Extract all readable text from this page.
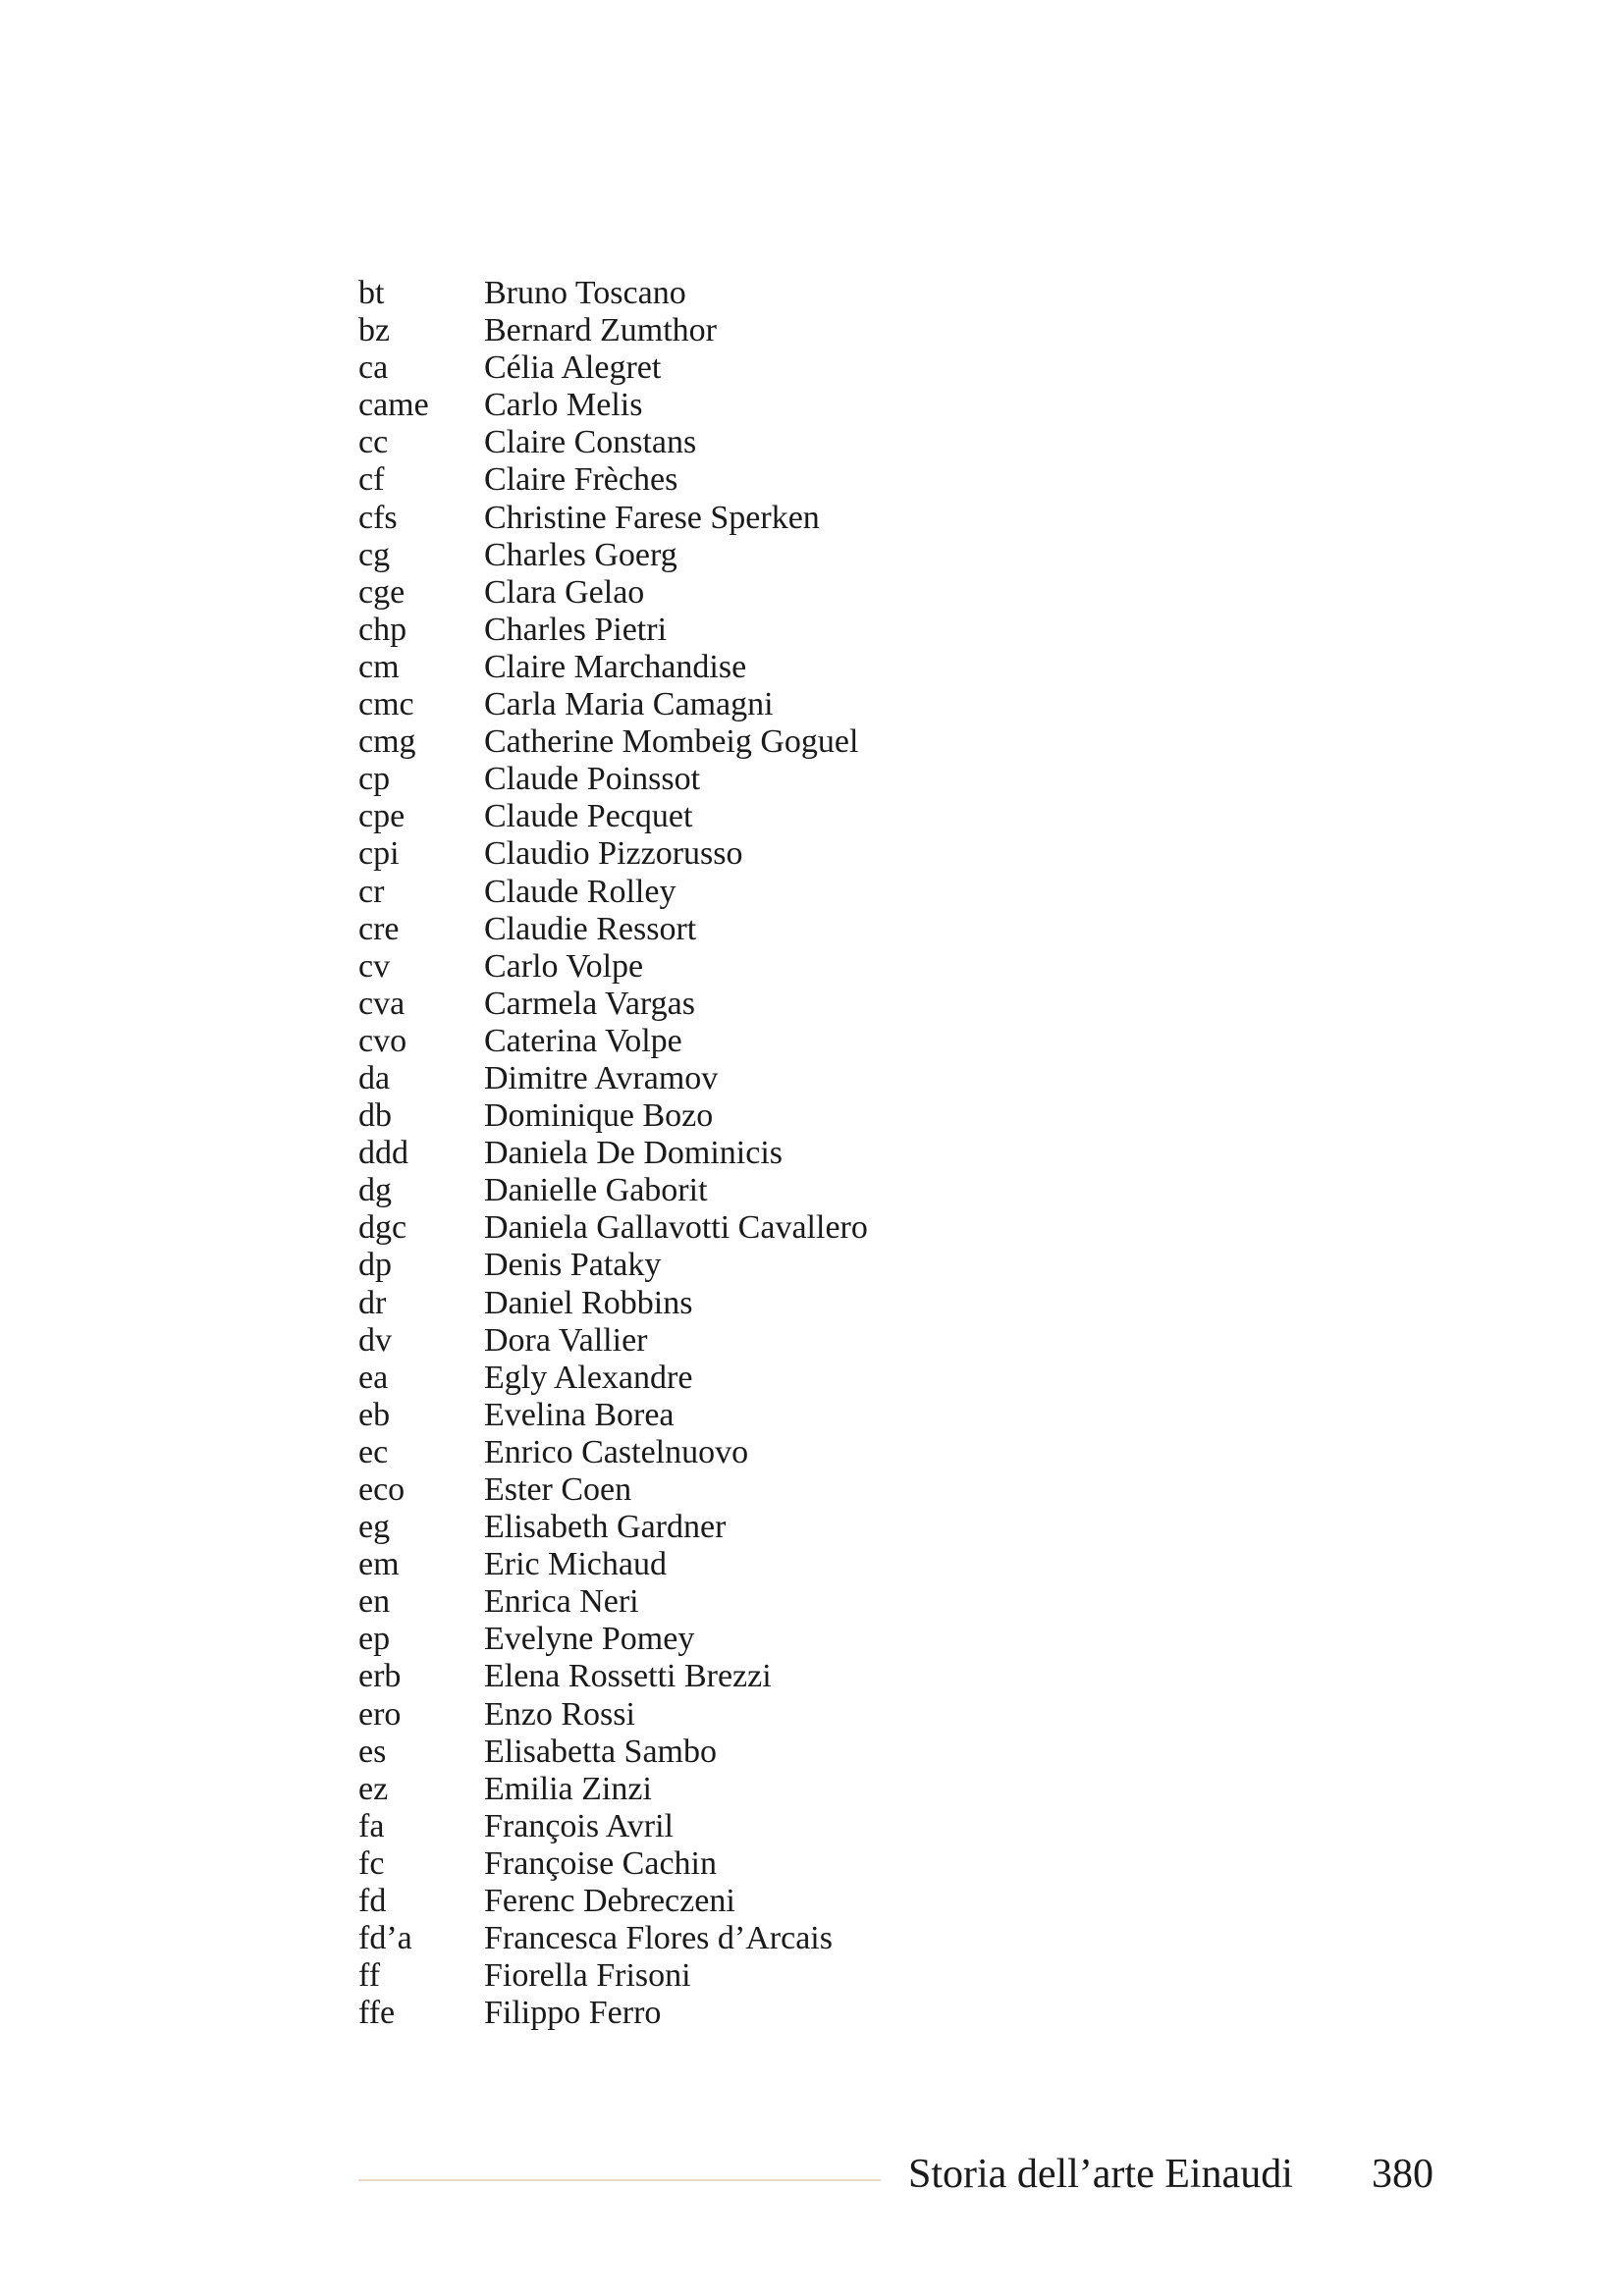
bt	Bruno Toscano
bz	Bernard Zumthor
ca	Célia Alegret
came	Carlo Melis
cc	Claire Constans
cf	Claire Frèches
cfs	Christine Farese Sperken
cg	Charles Goerg
cge	Clara Gelao
chp	Charles Pietri
cm	Claire Marchandise
cmc	Carla Maria Camagni
cmg	Catherine Mombeig Goguel
cp	Claude Poinssot
cpe	Claude Pecquet
cpi	Claudio Pizzorusso
cr	Claude Rolley
cre	Claudie Ressort
cv	Carlo Volpe
cva	Carmela Vargas
cvo	Caterina Volpe
da	Dimitre Avramov
db	Dominique Bozo
ddd	Daniela De Dominicis
dg	Danielle Gaborit
dgc	Daniela Gallavotti Cavallero
dp	Denis Pataky
dr	Daniel Robbins
dv	Dora Vallier
ea	Egly Alexandre
eb	Evelina Borea
ec	Enrico Castelnuovo
eco	Ester Coen
eg	Elisabeth Gardner
em	Eric Michaud
en	Enrica Neri
ep	Evelyne Pomey
erb	Elena Rossetti Brezzi
ero	Enzo Rossi
es	Elisabetta Sambo
ez	Emilia Zinzi
fa	François Avril
fc	Françoise Cachin
fd	Ferenc Debreczeni
fd’a	Francesca Flores d’Arcais
ff	Fiorella Frisoni
ffe	Filippo Ferro
Storia dell’arte Einaudi 380
